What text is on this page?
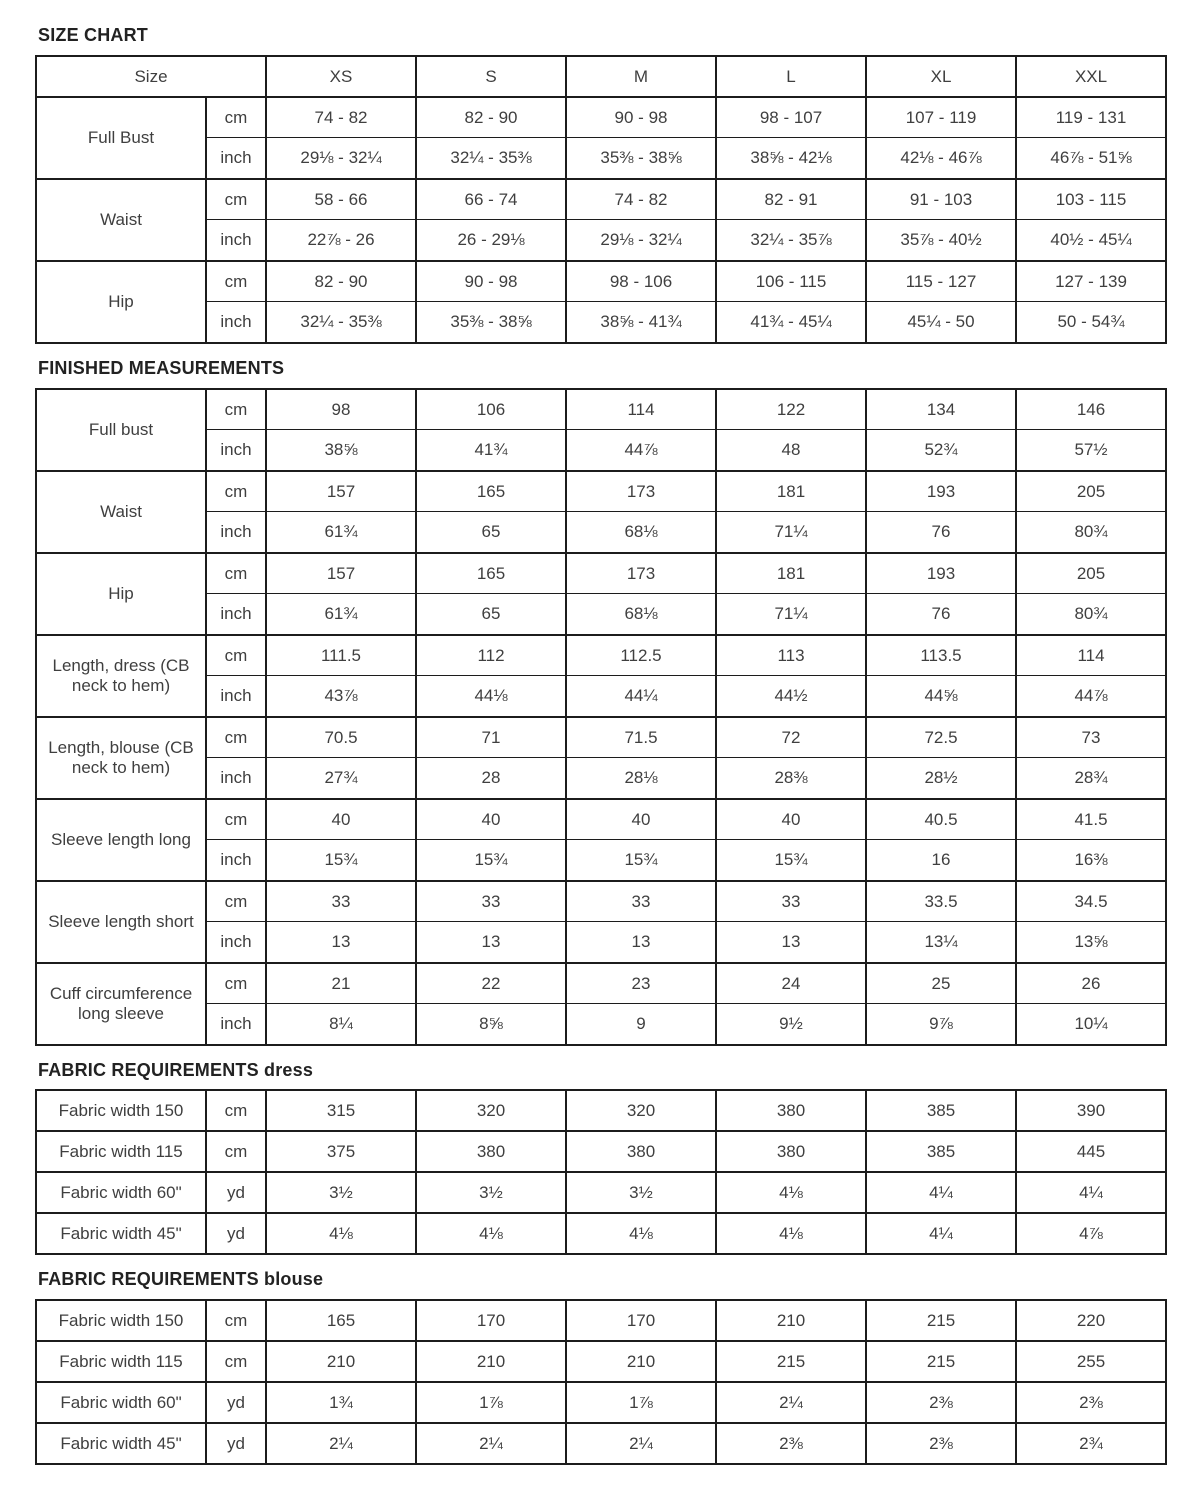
SIZE CHART
Size		XS	S	M	L	XL	XXL
Full Bust	cm	74 - 82	82 - 90	90 - 98	98 - 107	107 - 119	119 - 131
	inch	29⅛ - 32¼	32¼ - 35⅜	35⅜ - 38⅝	38⅝ - 42⅛	42⅛ - 46⅞	46⅞ - 51⅝
Waist	cm	58 - 66	66 - 74	74 - 82	82 - 91	91 - 103	103 - 115
	inch	22⅞ - 26	26 - 29⅛	29⅛ - 32¼	32¼ - 35⅞	35⅞ - 40½	40½ - 45¼
Hip	cm	82 - 90	90 - 98	98 - 106	106 - 115	115 - 127	127 - 139
	inch	32¼ - 35⅜	35⅜ - 38⅝	38⅝ - 41¾	41¾ - 45¼	45¼ - 50	50 - 54¾
FINISHED MEASUREMENTS
Full bust	cm	98	106	114	122	134	146
	inch	38⅝	41¾	44⅞	48	52¾	57½
Waist	cm	157	165	173	181	193	205
	inch	61¾	65	68⅛	71¼	76	80¾
Hip	cm	157	165	173	181	193	205
	inch	61¾	65	68⅛	71¼	76	80¾
Length, dress (CB neck to hem)	cm	111.5	112	112.5	113	113.5	114
	inch	43⅞	44⅛	44¼	44½	44⅝	44⅞
Length, blouse (CB neck to hem)	cm	70.5	71	71.5	72	72.5	73
	inch	27¾	28	28⅛	28⅜	28½	28¾
Sleeve length long	cm	40	40	40	40	40.5	41.5
	inch	15¾	15¾	15¾	15¾	16	16⅜
Sleeve length short	cm	33	33	33	33	33.5	34.5
	inch	13	13	13	13	13¼	13⅝
Cuff circumference long sleeve	cm	21	22	23	24	25	26
	inch	8¼	8⅝	9	9½	9⅞	10¼
FABRIC REQUIREMENTS dress
Fabric width 150	cm	315	320	320	380	385	390
Fabric width 115	cm	375	380	380	380	385	445
Fabric width 60"	yd	3½	3½	3½	4⅛	4¼	4¼
Fabric width 45"	yd	4⅛	4⅛	4⅛	4⅛	4¼	4⅞
FABRIC REQUIREMENTS blouse
Fabric width 150	cm	165	170	170	210	215	220
Fabric width 115	cm	210	210	210	215	215	255
Fabric width 60"	yd	1¾	1⅞	1⅞	2¼	2⅜	2⅜
Fabric width 45"	yd	2¼	2¼	2¼	2⅜	2⅜	2¾
